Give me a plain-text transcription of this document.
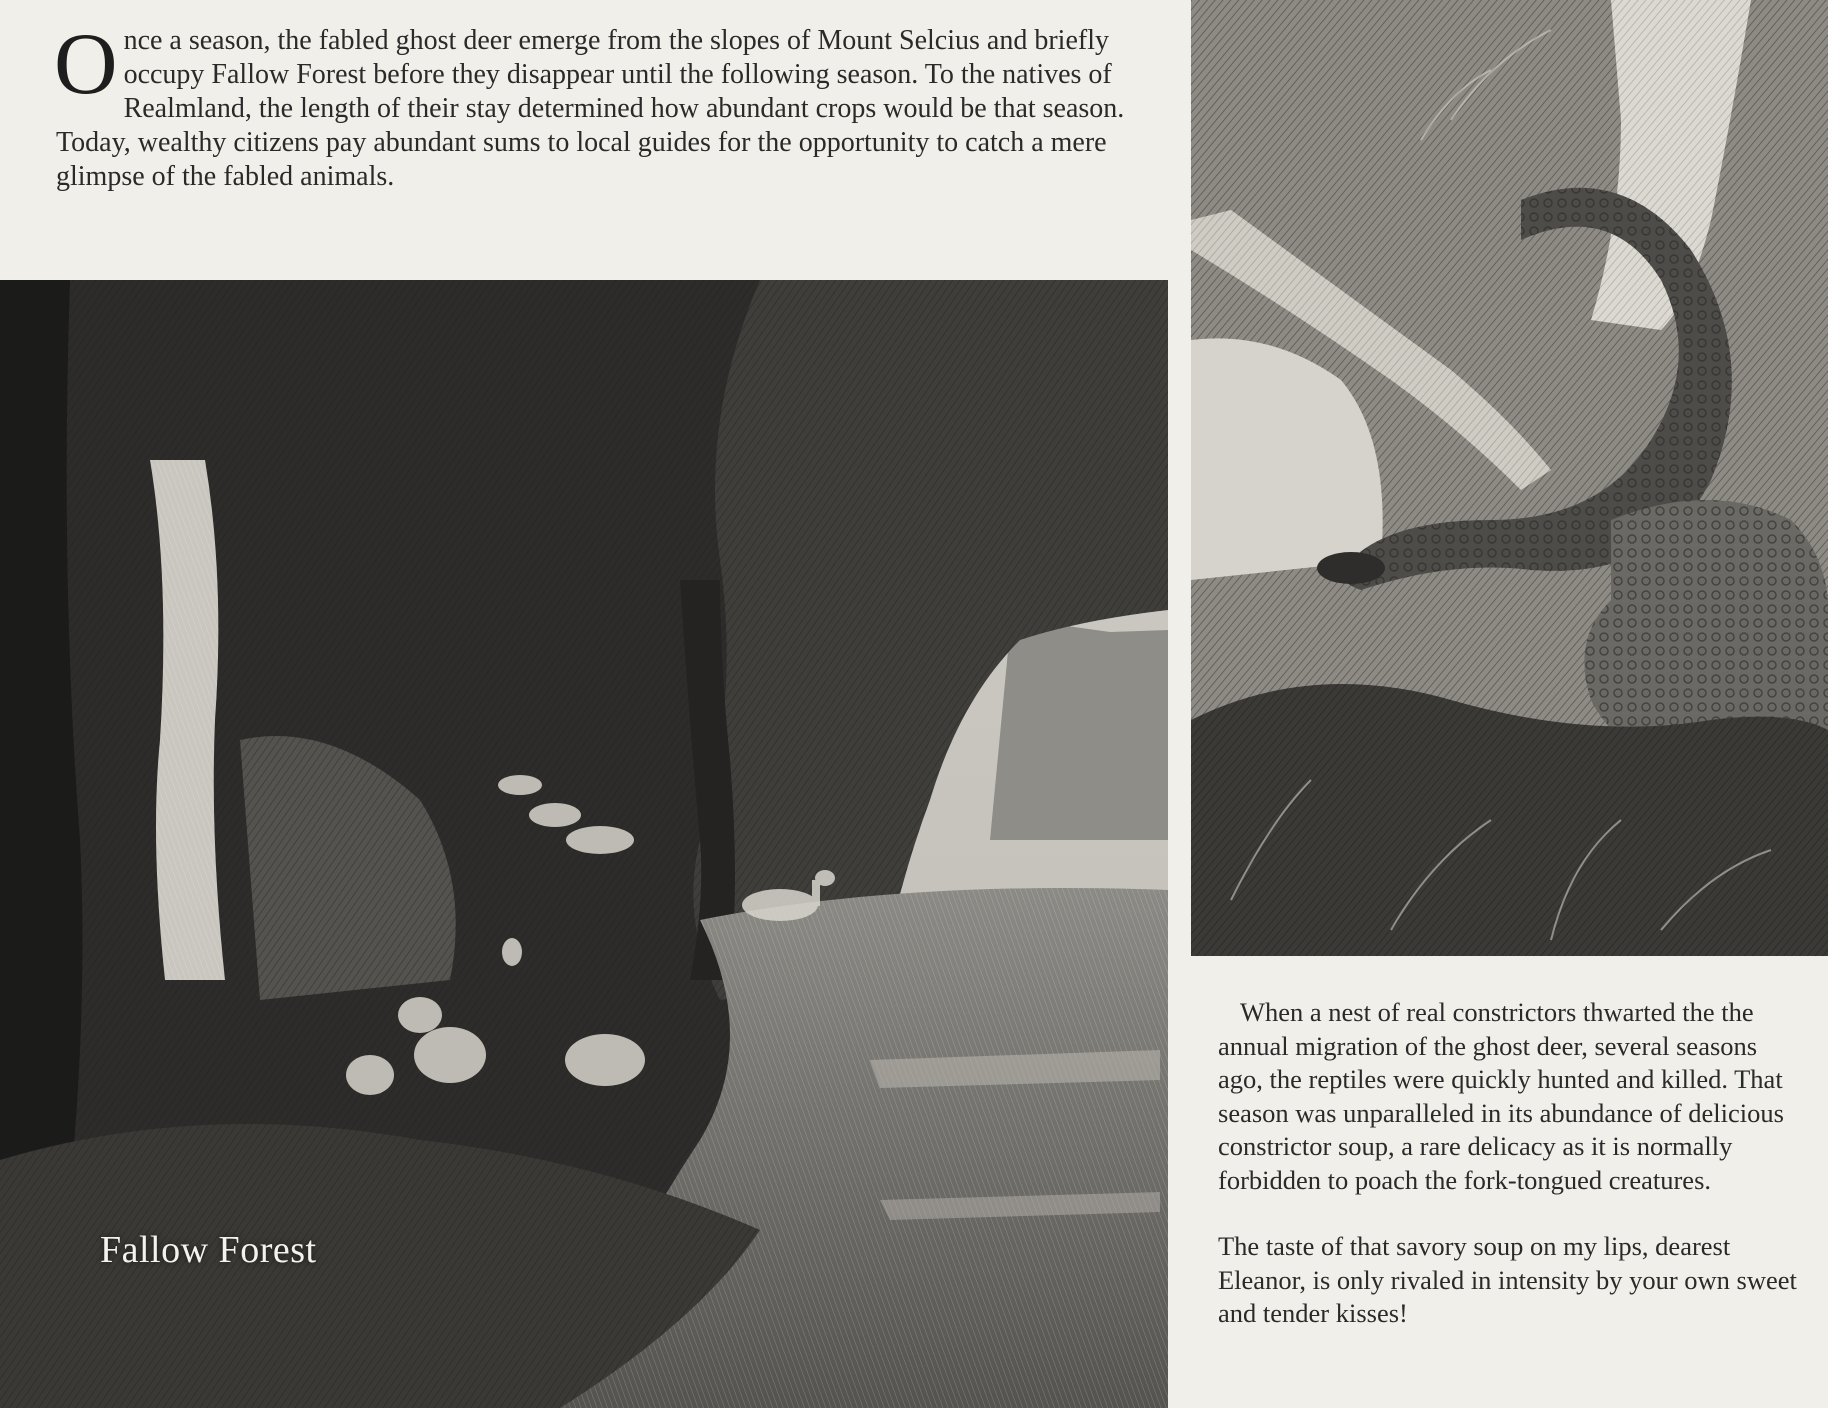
Once a season, the fabled ghost deer emerge from the slopes of Mount Selcius and briefly occupy Fallow Forest before they disappear until the following season. To the natives of Realmland, the length of their stay determined how abundant crops would be that season. Today, wealthy citizens pay abundant sums to local guides for the opportunity to catch a mere glimpse of the fabled animals.
Fallow Forest

When a nest of real constrictors thwarted the the annual migration of the ghost deer, several seasons ago, the reptiles were quickly hunted and killed. That season was unparalleled in its abundance of delicious constrictor soup, a rare delicacy as it is normally forbidden to poach the fork-tongued creatures.

The taste of that savory soup on my lips, dearest Eleanor, is only rivaled in intensity by your own sweet and tender kisses!
